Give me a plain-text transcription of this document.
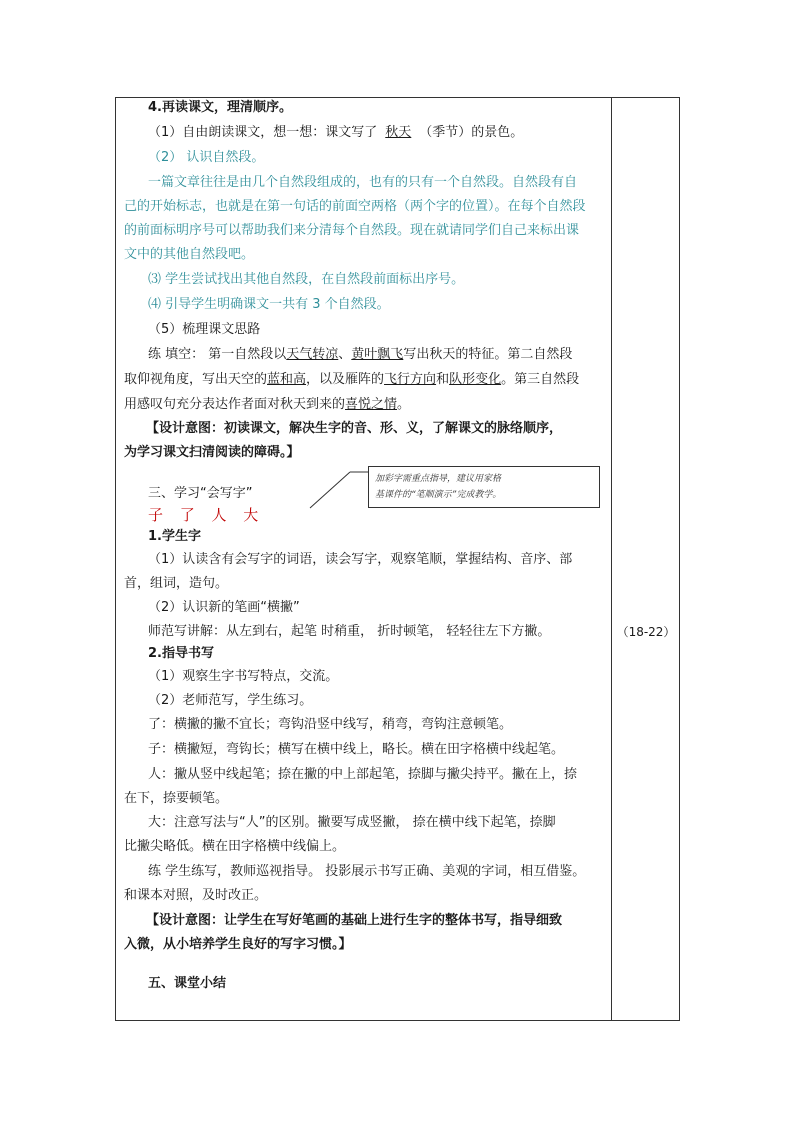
4.再读课文，理清顺序。
（1）自由朗读课文，想一想：课文写了 秋天 （季节）的景色。
（2） 认识自然段。
一篇文章往往是由几个自然段组成的，也有的只有一个自然段。自然段有自
己的开始标志，也就是在第一句话的前面空两格（两个字的位置）。在每个自然段
的前面标明序号可以帮助我们来分清每个自然段。现在就请同学们自己来标出课
文中的其他自然段吧。
⑶ 学生尝试找出其他自然段，在自然段前面标出序号。
⑷ 引导学生明确课文一共有 3 个自然段。
（5）梳理课文思路
练 填空： 第一自然段以天气转凉、黄叶飘飞写出秋天的特征。第二自然段
取仰视角度，写出天空的蓝和高，以及雁阵的飞行方向和队形变化。第三自然段
用感叹句充分表达作者面对秋天到来的喜悦之情。
【设计意图：初读课文，解决生字的音、形、义，了解课文的脉络顺序，
为学习课文扫清阅读的障碍。】
三、学习“会写字”
子 了 人 大
1.学生字
（1）认读含有会写字的词语，读会写字，观察笔顺，掌握结构、音序、部
首，组词，造句。
（2）认识新的笔画“横撇”
师范写讲解：从左到右，起笔 时稍重， 折时顿笔， 轻轻往左下方撇。
2.指导书写
（1）观察生字书写特点，交流。
（2）老师范写，学生练习。
了：横撇的撇不宜长；弯钩沿竖中线写，稍弯，弯钩注意顿笔。
子：横撇短，弯钩长；横写在横中线上，略长。横在田字格横中线起笔。
人：撇从竖中线起笔；捺在撇的中上部起笔，捺脚与撇尖持平。撇在上，捺
在下，捺要顿笔。
大：注意写法与“人”的区别。撇要写成竖撇， 捺在横中线下起笔，捺脚
比撇尖略低。横在田字格横中线偏上。
练 学生练写，教师巡视指导。 投影展示书写正确、美观的字词，相互借鉴。
和课本对照，及时改正。
【设计意图：让学生在写好笔画的基础上进行生字的整体书写，指导细致
入微，从小培养学生良好的写字习惯。】
五、课堂小结
加彩字需重点指导，建议用家格
基课件的“笔顺演示”完成教学。
（18-22）
